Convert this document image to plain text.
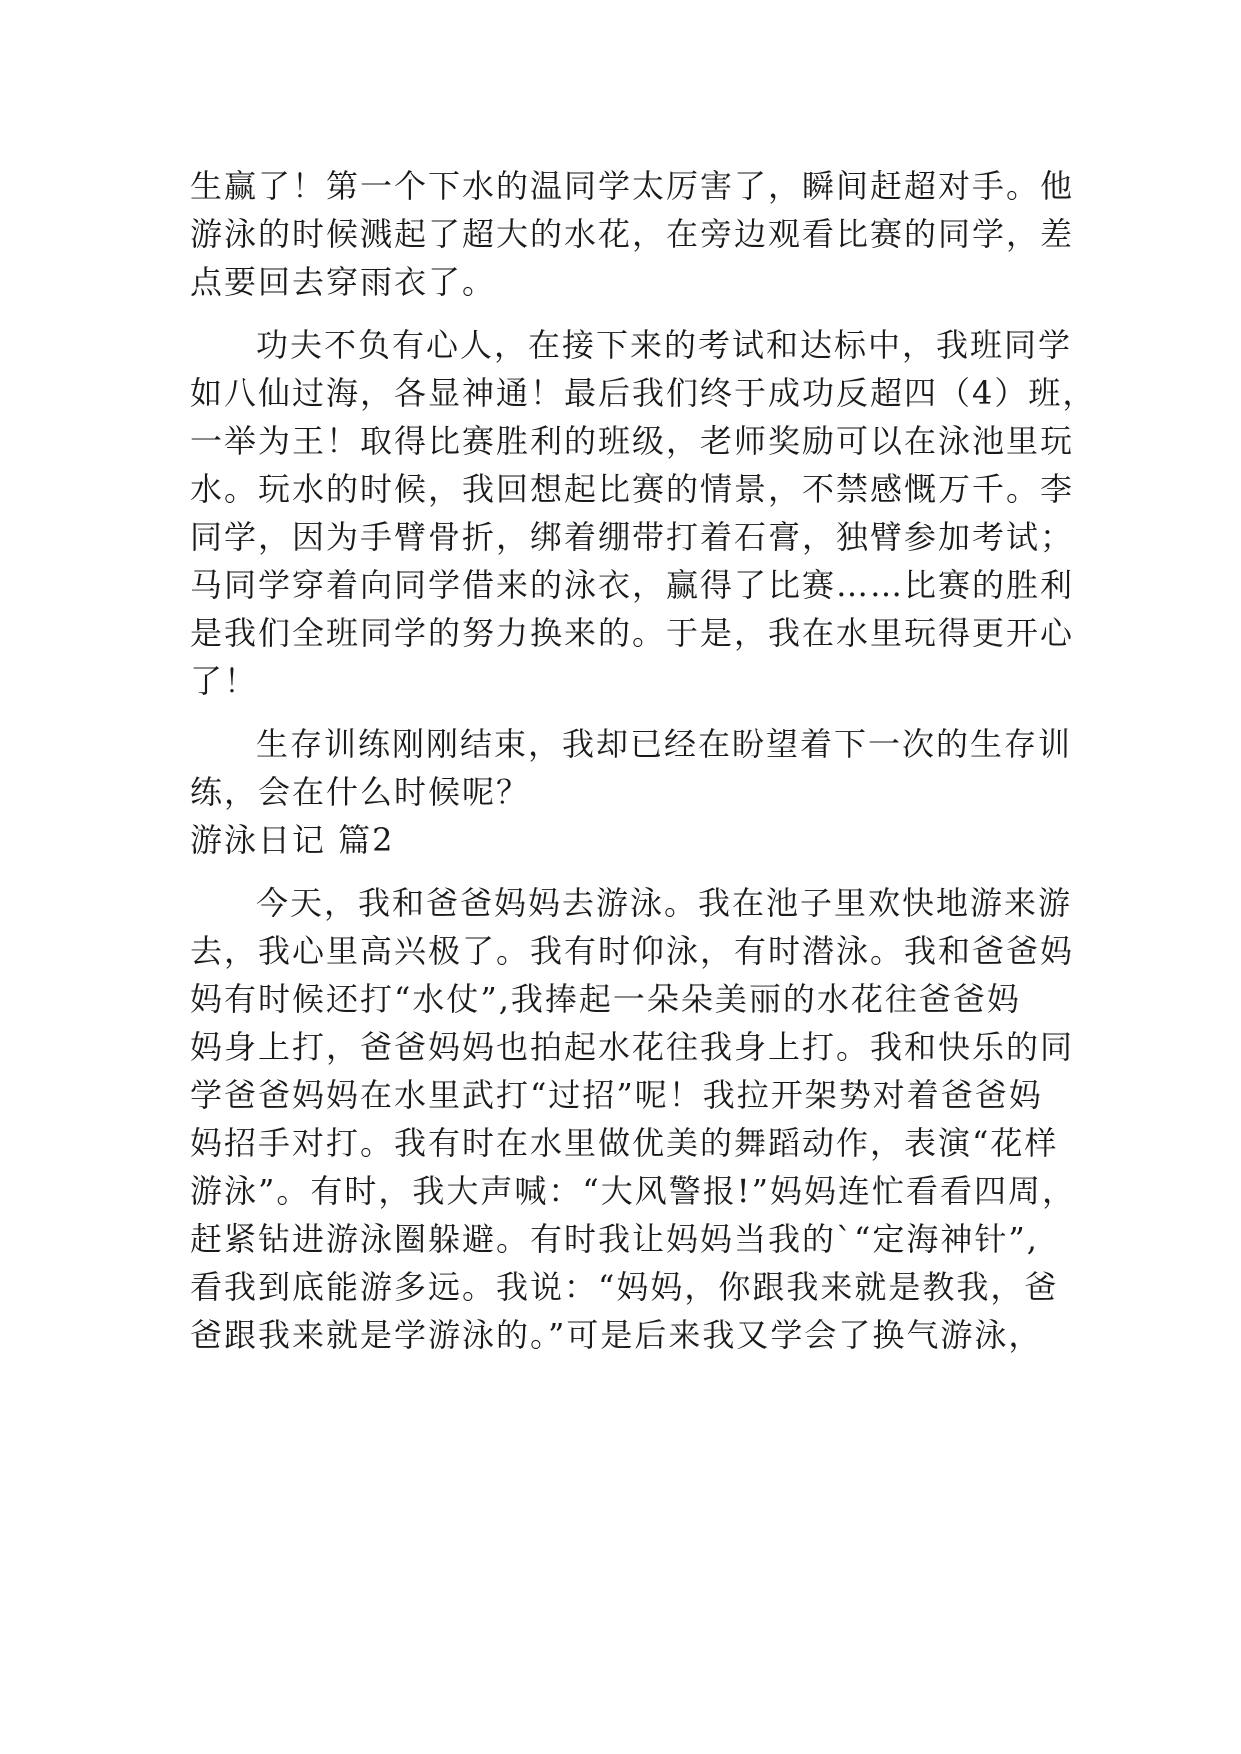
生赢了！第一个下水的温同学太厉害了，瞬间赶超对手。他
游泳的时候溅起了超大的水花，在旁边观看比赛的同学，差
点要回去穿雨衣了。
功夫不负有心人，在接下来的考试和达标中，我班同学
如八仙过海，各显神通！最后我们终于成功反超四（4）班，
一举为王！取得比赛胜利的班级，老师奖励可以在泳池里玩
水。玩水的时候，我回想起比赛的情景，不禁感慨万千。李
同学，因为手臂骨折，绑着绷带打着石膏，独臂参加考试；
马同学穿着向同学借来的泳衣，赢得了比赛……比赛的胜利
是我们全班同学的努力换来的。于是，我在水里玩得更开心
了！
生存训练刚刚结束，我却已经在盼望着下一次的生存训
练，会在什么时候呢？
游泳日记 篇2
今天，我和爸爸妈妈去游泳。我在池子里欢快地游来游
去，我心里高兴极了。我有时仰泳，有时潜泳。我和爸爸妈
妈有时候还打“水仗”,我捧起一朵朵美丽的水花往爸爸妈
妈身上打，爸爸妈妈也拍起水花往我身上打。我和快乐的同
学爸爸妈妈在水里武打“过招”呢！我拉开架势对着爸爸妈
妈招手对打。我有时在水里做优美的舞蹈动作，表演“花样
游泳”。有时，我大声喊：“大风警报!”妈妈连忙看看四周，
赶紧钻进游泳圈躲避。有时我让妈妈当我的`“定海神针”,
看我到底能游多远。我说：“妈妈，你跟我来就是教我，爸
爸跟我来就是学游泳的。”可是后来我又学会了换气游泳，
